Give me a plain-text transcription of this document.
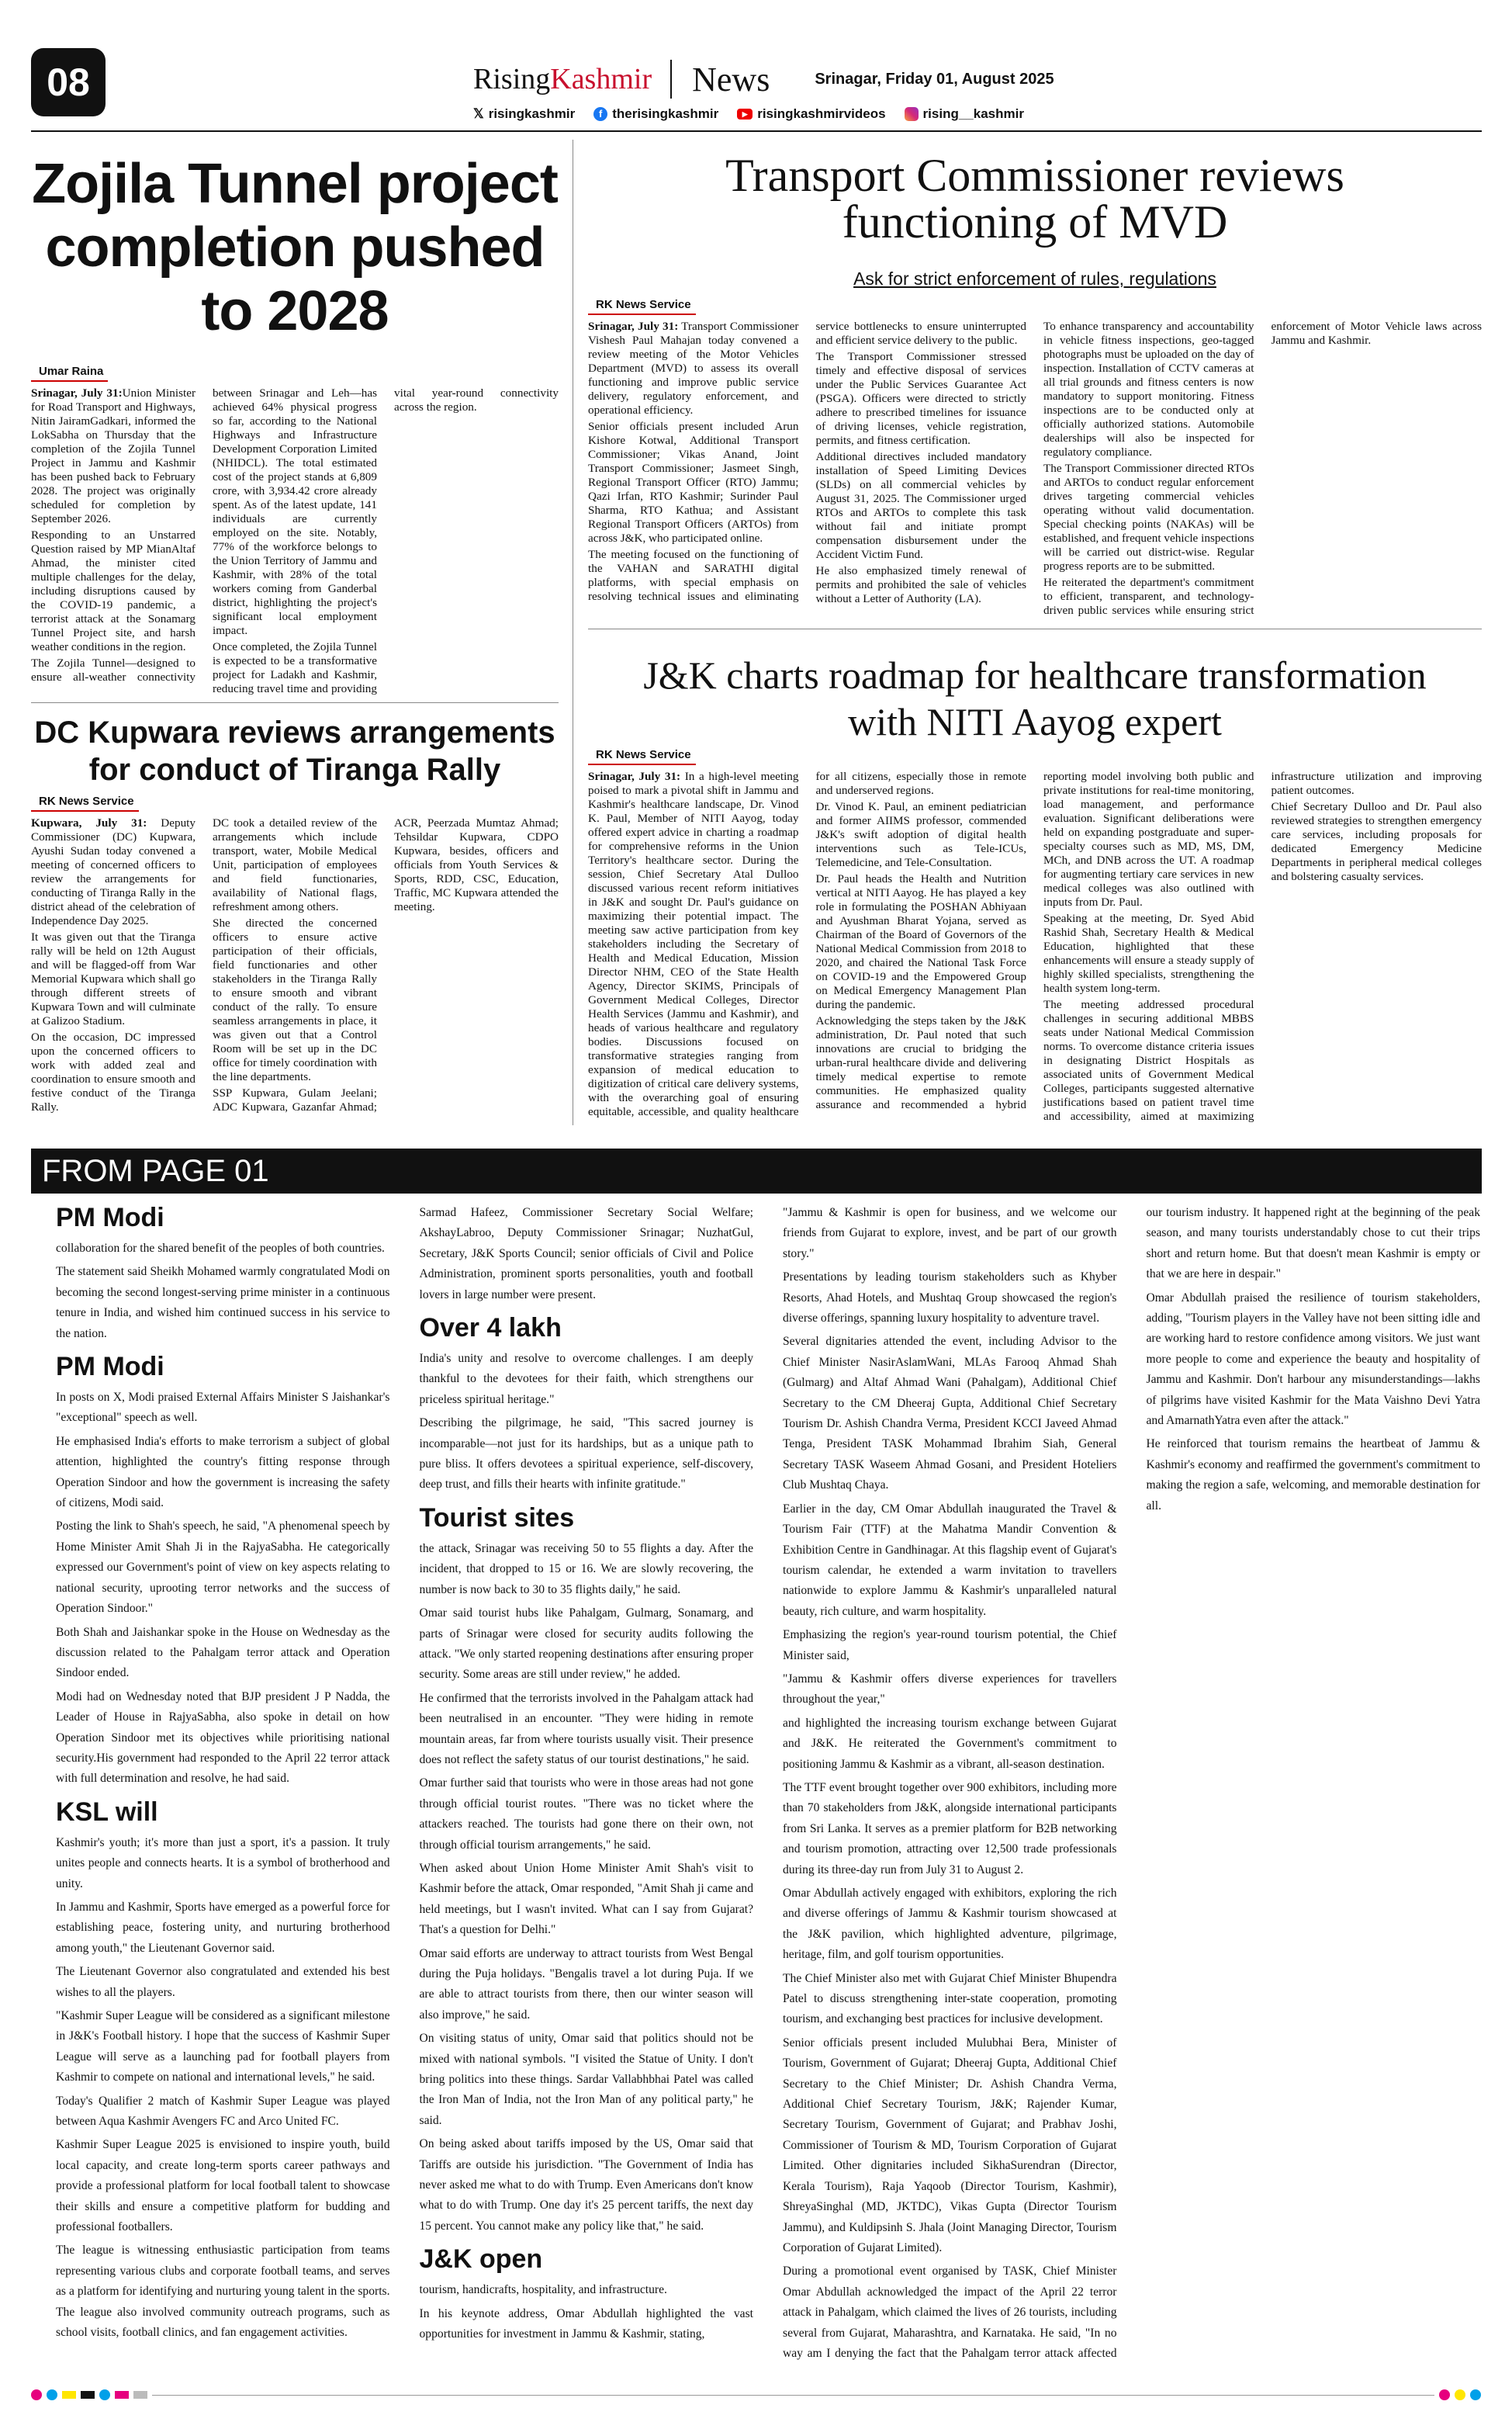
08	RisingKashmir News	Srinagar, Friday 01, August 2025
𝕏 risingkashmir	f therisingkashmir	▶ risingkashmirvideos	rising__kashmir
Zojila Tunnel project completion pushed to 2028
Umar Raina

Srinagar, July 31:Union Minister for Road Transport and Highways, Nitin JairamGadkari, informed the LokSabha on Thursday that the completion of the Zojila Tunnel Project in Jammu and Kashmir has been pushed back to February 2028. The project was originally scheduled for completion by September 2026.

Responding to an Unstarred Question raised by MP MianAltaf Ahmad, the minister cited multiple challenges for the delay, including disruptions caused by the COVID-19 pandemic, a terrorist attack at the Sonamarg Tunnel Project site, and harsh weather conditions in the region.

The Zojila Tunnel—designed to ensure all-weather connectivity between Srinagar and Leh—has achieved 64% physical progress so far, according to the National Highways and Infrastructure Development Corporation Limited (NHIDCL). The total estimated cost of the project stands at 6,809 crore, with 3,934.42 crore already spent. As of the latest update, 141 individuals are currently employed on the site. Notably, 77% of the workforce belongs to the Union Territory of Jammu and Kashmir, with 28% of the total workers coming from Ganderbal district, highlighting the project's significant local employment impact.

Once completed, the Zojila Tunnel is expected to be a transformative project for Ladakh and Kashmir, reducing travel time and providing vital year-round connectivity across the region.

DC Kupwara reviews arrangements for conduct of Tiranga Rally
RK News Service

Kupwara, July 31: Deputy Commissioner (DC) Kupwara, Ayushi Sudan today convened a meeting of concerned officers to review the arrangements for conducting of Tiranga Rally in the district ahead of the celebration of Independence Day 2025.

It was given out that the Tiranga rally will be held on 12th August and will be flagged-off from War Memorial Kupwara which shall go through different streets of Kupwara Town and will culminate at Galizoo Stadium.

On the occasion, DC impressed upon the concerned officers to work with added zeal and coordination to ensure smooth and festive conduct of the Tiranga Rally.

DC took a detailed review of the arrangements which include transport, water, Mobile Medical Unit, participation of employees and field functionaries, availability of National flags, refreshment among others.

She directed the concerned officers to ensure active participation of their officials, field functionaries and other stakeholders in the Tiranga Rally to ensure smooth and vibrant conduct of the rally. To ensure seamless arrangements in place, it was given out that a Control Room will be set up in the DC office for timely coordination with the line departments.

SSP Kupwara, Gulam Jeelani; ADC Kupwara, Gazanfar Ahmad; ACR, Peerzada Mumtaz Ahmad; Tehsildar Kupwara, CDPO Kupwara, besides, officers and officials from Youth Services & Sports, RDD, CSC, Education, Traffic, MC Kupwara attended the meeting.

Transport Commissioner reviews functioning of MVD
Ask for strict enforcement of rules, regulations
RK News Service

Srinagar, July 31: Transport Commissioner Vishesh Paul Mahajan today convened a review meeting of the Motor Vehicles Department (MVD) to assess its overall functioning and improve public service delivery, regulatory enforcement, and operational efficiency.

Senior officials present included Arun Kishore Kotwal, Additional Transport Commissioner; Vikas Anand, Joint Transport Commissioner; Jasmeet Singh, Regional Transport Officer (RTO) Jammu; Qazi Irfan, RTO Kashmir; Surinder Paul Sharma, RTO Kathua; and Assistant Regional Transport Officers (ARTOs) from across J&K, who participated online.

The meeting focused on the functioning of the VAHAN and SARATHI digital platforms, with special emphasis on resolving technical issues and eliminating service bottlenecks to ensure uninterrupted and efficient service delivery to the public.

The Transport Commissioner stressed timely and effective disposal of services under the Public Services Guarantee Act (PSGA). Officers were directed to strictly adhere to prescribed timelines for issuance of driving licenses, vehicle registration, permits, and fitness certification.

Additional directives included mandatory installation of Speed Limiting Devices (SLDs) on all commercial vehicles by August 31, 2025. The Commissioner urged RTOs and ARTOs to complete this task without fail and initiate prompt compensation disbursement under the Accident Victim Fund.

He also emphasized timely renewal of permits and prohibited the sale of vehicles without a Letter of Authority (LA).

To enhance transparency and accountability in vehicle fitness inspections, geo-tagged photographs must be uploaded on the day of inspection. Installation of CCTV cameras at all trial grounds and fitness centers is now mandatory to support monitoring. Fitness inspections are to be conducted only at officially authorized stations. Automobile dealerships will also be inspected for regulatory compliance.

The Transport Commissioner directed RTOs and ARTOs to conduct regular enforcement drives targeting commercial vehicles operating without valid documentation. Special checking points (NAKAs) will be established, and frequent vehicle inspections will be carried out district-wise. Regular progress reports are to be submitted.

He reiterated the department's commitment to efficient, transparent, and technology-driven public services while ensuring strict enforcement of Motor Vehicle laws across Jammu and Kashmir.

J&K charts roadmap for healthcare transformation with NITI Aayog expert
RK News Service

Srinagar, July 31: In a high-level meeting poised to mark a pivotal shift in Jammu and Kashmir's healthcare landscape, Dr. Vinod K. Paul, Member of NITI Aayog, today offered expert advice in charting a roadmap for comprehensive reforms in the Union Territory's healthcare sector. During the session, Chief Secretary Atal Dulloo discussed various recent reform initiatives in J&K and sought Dr. Paul's guidance on maximizing their potential impact. The meeting saw active participation from key stakeholders including the Secretary of Health and Medical Education, Mission Director NHM, CEO of the State Health Agency, Director SKIMS, Principals of Government Medical Colleges, Director Health Services (Jammu and Kashmir), and heads of various healthcare and regulatory bodies. Discussions focused on transformative strategies ranging from expansion of medical education to digitization of critical care delivery systems, with the overarching goal of ensuring equitable, accessible, and quality healthcare for all citizens, especially those in remote and underserved regions.

Dr. Vinod K. Paul, an eminent pediatrician and former AIIMS professor, commended J&K's swift adoption of digital health interventions such as Tele-ICUs, Telemedicine, and Tele-Consultation.

Dr. Paul heads the Health and Nutrition vertical at NITI Aayog. He has played a key role in formulating the POSHAN Abhiyaan and Ayushman Bharat Yojana, served as Chairman of the Board of Governors of the National Medical Commission from 2018 to 2020, and chaired the National Task Force on COVID-19 and the Empowered Group on Medical Emergency Management Plan during the pandemic.

Acknowledging the steps taken by the J&K administration, Dr. Paul noted that such innovations are crucial to bridging the urban-rural healthcare divide and delivering timely medical expertise to remote communities. He emphasized quality assurance and recommended a hybrid reporting model involving both public and private institutions for real-time monitoring, load management, and performance evaluation. Significant deliberations were held on expanding postgraduate and super-specialty courses such as MD, MS, DM, MCh, and DNB across the UT. A roadmap for augmenting tertiary care services in new medical colleges was also outlined with inputs from Dr. Paul.

Speaking at the meeting, Dr. Syed Abid Rashid Shah, Secretary Health & Medical Education, highlighted that these enhancements will ensure a steady supply of highly skilled specialists, strengthening the health system long-term.

The meeting addressed procedural challenges in securing additional MBBS seats under National Medical Commission norms. To overcome distance criteria issues in designating District Hospitals as associated units of Government Medical Colleges, participants suggested alternative justifications based on patient travel time and accessibility, aimed at maximizing infrastructure utilization and improving patient outcomes.

Chief Secretary Dulloo and Dr. Paul also reviewed strategies to strengthen emergency care services, including proposals for dedicated Emergency Medicine Departments in peripheral medical colleges and bolstering casualty services.

FROM PAGE 01
PM Modi

collaboration for the shared benefit of the peoples of both countries.

The statement said Sheikh Mohamed warmly congratulated Modi on becoming the second longest-serving prime minister in a continuous tenure in India, and wished him continued success in his service to the nation.

PM Modi

In posts on X, Modi praised External Affairs Minister S Jaishankar's "exceptional" speech as well.

He emphasised India's efforts to make terrorism a subject of global attention, highlighted the country's fitting response through Operation Sindoor and how the government is increasing the safety of citizens, Modi said.

Posting the link to Shah's speech, he said, "A phenomenal speech by Home Minister Amit Shah Ji in the RajyaSabha. He categorically expressed our Government's point of view on key aspects relating to national security, uprooting terror networks and the success of Operation Sindoor."

Both Shah and Jaishankar spoke in the House on Wednesday as the discussion related to the Pahalgam terror attack and Operation Sindoor ended.

Modi had on Wednesday noted that BJP president J P Nadda, the Leader of House in RajyaSabha, also spoke in detail on how Operation Sindoor met its objectives while prioritising national security.His government had responded to the April 22 terror attack with full determination and resolve, he had said.

KSL will

Kashmir's youth; it's more than just a sport, it's a passion. It truly unites people and connects hearts. It is a symbol of brotherhood and unity.

In Jammu and Kashmir, Sports have emerged as a powerful force for establishing peace, fostering unity, and nurturing brotherhood among youth," the Lieutenant Governor said.

The Lieutenant Governor also congratulated and extended his best wishes to all the players.

"Kashmir Super League will be considered as a significant milestone in J&K's Football history. I hope that the success of Kashmir Super League will serve as a launching pad for football players from Kashmir to compete on national and international levels," he said.

Today's Qualifier 2 match of Kashmir Super League was played between Aqua Kashmir Avengers FC and Arco United FC.

Kashmir Super League 2025 is envisioned to inspire youth, build local capacity, and create long-term sports career pathways and provide a professional platform for local football talent to showcase their skills and ensure a competitive platform for budding and professional footballers.

The league is witnessing enthusiastic participation from teams representing various clubs and corporate football teams, and serves as a platform for identifying and nurturing young talent in the sports. The league also involved community outreach programs, such as school visits, football clinics, and fan engagement activities.

Sarmad Hafeez, Commissioner Secretary Social Welfare; AkshayLabroo, Deputy Commissioner Srinagar; NuzhatGul, Secretary, J&K Sports Council; senior officials of Civil and Police Administration, prominent sports personalities, youth and football lovers in large number were present.

Over 4 lakh

India's unity and resolve to overcome challenges. I am deeply thankful to the devotees for their faith, which strengthens our priceless spiritual heritage."

Describing the pilgrimage, he said, "This sacred journey is incomparable—not just for its hardships, but as a unique path to pure bliss. It offers devotees a spiritual experience, self-discovery, deep trust, and fills their hearts with infinite gratitude."

Tourist sites

the attack, Srinagar was receiving 50 to 55 flights a day. After the incident, that dropped to 15 or 16. We are slowly recovering, the number is now back to 30 to 35 flights daily," he said.

Omar said tourist hubs like Pahalgam, Gulmarg, Sonamarg, and parts of Srinagar were closed for security audits following the attack. "We only started reopening destinations after ensuring proper security. Some areas are still under review," he added.

He confirmed that the terrorists involved in the Pahalgam attack had been neutralised in an encounter. "They were hiding in remote mountain areas, far from where tourists usually visit. Their presence does not reflect the safety status of our tourist destinations," he said.

Omar further said that tourists who were in those areas had not gone through official tourist routes. "There was no ticket where the attackers reached. The tourists had gone there on their own, not through official tourism arrangements," he said.

When asked about Union Home Minister Amit Shah's visit to Kashmir before the attack, Omar responded, "Amit Shah ji came and held meetings, but I wasn't invited. What can I say from Gujarat? That's a question for Delhi."

Omar said efforts are underway to attract tourists from West Bengal during the Puja holidays. "Bengalis travel a lot during Puja. If we are able to attract tourists from there, then our winter season will also improve," he said.

On visiting status of unity, Omar said that politics should not be mixed with national symbols. "I visited the Statue of Unity. I don't bring politics into these things. Sardar Vallabhbhai Patel was called the Iron Man of India, not the Iron Man of any political party," he said.

On being asked about tariffs imposed by the US, Omar said that Tariffs are outside his jurisdiction. "The Government of India has never asked me what to do with Trump. Even Americans don't know what to do with Trump. One day it's 25 percent tariffs, the next day 15 percent. You cannot make any policy like that," he said.

J&K open

tourism, handicrafts, hospitality, and infrastructure.

In his keynote address, Omar Abdullah highlighted the vast opportunities for investment in Jammu & Kashmir, stating,

"Jammu & Kashmir is open for business, and we welcome our friends from Gujarat to explore, invest, and be part of our growth story."

Presentations by leading tourism stakeholders such as Khyber Resorts, Ahad Hotels, and Mushtaq Group showcased the region's diverse offerings, spanning luxury hospitality to adventure travel.

Several dignitaries attended the event, including Advisor to the Chief Minister NasirAslamWani, MLAs Farooq Ahmad Shah (Gulmarg) and Altaf Ahmad Wani (Pahalgam), Additional Chief Secretary to the CM Dheeraj Gupta, Additional Chief Secretary Tourism Dr. Ashish Chandra Verma, President KCCI Javeed Ahmad Tenga, President TASK Mohammad Ibrahim Siah, General Secretary TASK Waseem Ahmad Gosani, and President Hoteliers Club Mushtaq Chaya.

Earlier in the day, CM Omar Abdullah inaugurated the Travel & Tourism Fair (TTF) at the Mahatma Mandir Convention & Exhibition Centre in Gandhinagar. At this flagship event of Gujarat's tourism calendar, he extended a warm invitation to travellers nationwide to explore Jammu & Kashmir's unparalleled natural beauty, rich culture, and warm hospitality.

Emphasizing the region's year-round tourism potential, the Chief Minister said,

"Jammu & Kashmir offers diverse experiences for travellers throughout the year,"

and highlighted the increasing tourism exchange between Gujarat and J&K. He reiterated the Government's commitment to positioning Jammu & Kashmir as a vibrant, all-season destination.

The TTF event brought together over 900 exhibitors, including more than 70 stakeholders from J&K, alongside international participants from Sri Lanka. It serves as a premier platform for B2B networking and tourism promotion, attracting over 12,500 trade professionals during its three-day run from July 31 to August 2.

Omar Abdullah actively engaged with exhibitors, exploring the rich and diverse offerings of Jammu & Kashmir tourism showcased at the J&K pavilion, which highlighted adventure, pilgrimage, heritage, film, and golf tourism opportunities.

The Chief Minister also met with Gujarat Chief Minister Bhupendra Patel to discuss strengthening inter-state cooperation, promoting tourism, and exchanging best practices for inclusive development.

Senior officials present included Mulubhai Bera, Minister of Tourism, Government of Gujarat; Dheeraj Gupta, Additional Chief Secretary to the Chief Minister; Dr. Ashish Chandra Verma, Additional Chief Secretary Tourism, J&K; Rajender Kumar, Secretary Tourism, Government of Gujarat; and Prabhav Joshi, Commissioner of Tourism & MD, Tourism Corporation of Gujarat Limited. Other dignitaries included SikhaSurendran (Director, Kerala Tourism), Raja Yaqoob (Director Tourism, Kashmir), ShreyaSinghal (MD, JKTDC), Vikas Gupta (Director Tourism Jammu), and Kuldipsinh S. Jhala (Joint Managing Director, Tourism Corporation of Gujarat Limited).

During a promotional event organised by TASK, Chief Minister Omar Abdullah acknowledged the impact of the April 22 terror attack in Pahalgam, which claimed the lives of 26 tourists, including several from Gujarat, Maharashtra, and Karnataka. He said, "In no way am I denying the fact that the Pahalgam terror attack affected our tourism industry. It happened right at the beginning of the peak season, and many tourists understandably chose to cut their trips short and return home. But that doesn't mean Kashmir is empty or that we are here in despair."

Omar Abdullah praised the resilience of tourism stakeholders, adding, "Tourism players in the Valley have not been sitting idle and are working hard to restore confidence among visitors. We just want more people to come and experience the beauty and hospitality of Jammu and Kashmir. Don't harbour any misunderstandings—lakhs of pilgrims have visited Kashmir for the Mata Vaishno Devi Yatra and AmarnathYatra even after the attack."

He reinforced that tourism remains the heartbeat of Jammu & Kashmir's economy and reaffirmed the government's commitment to making the region a safe, welcoming, and memorable destination for all.
